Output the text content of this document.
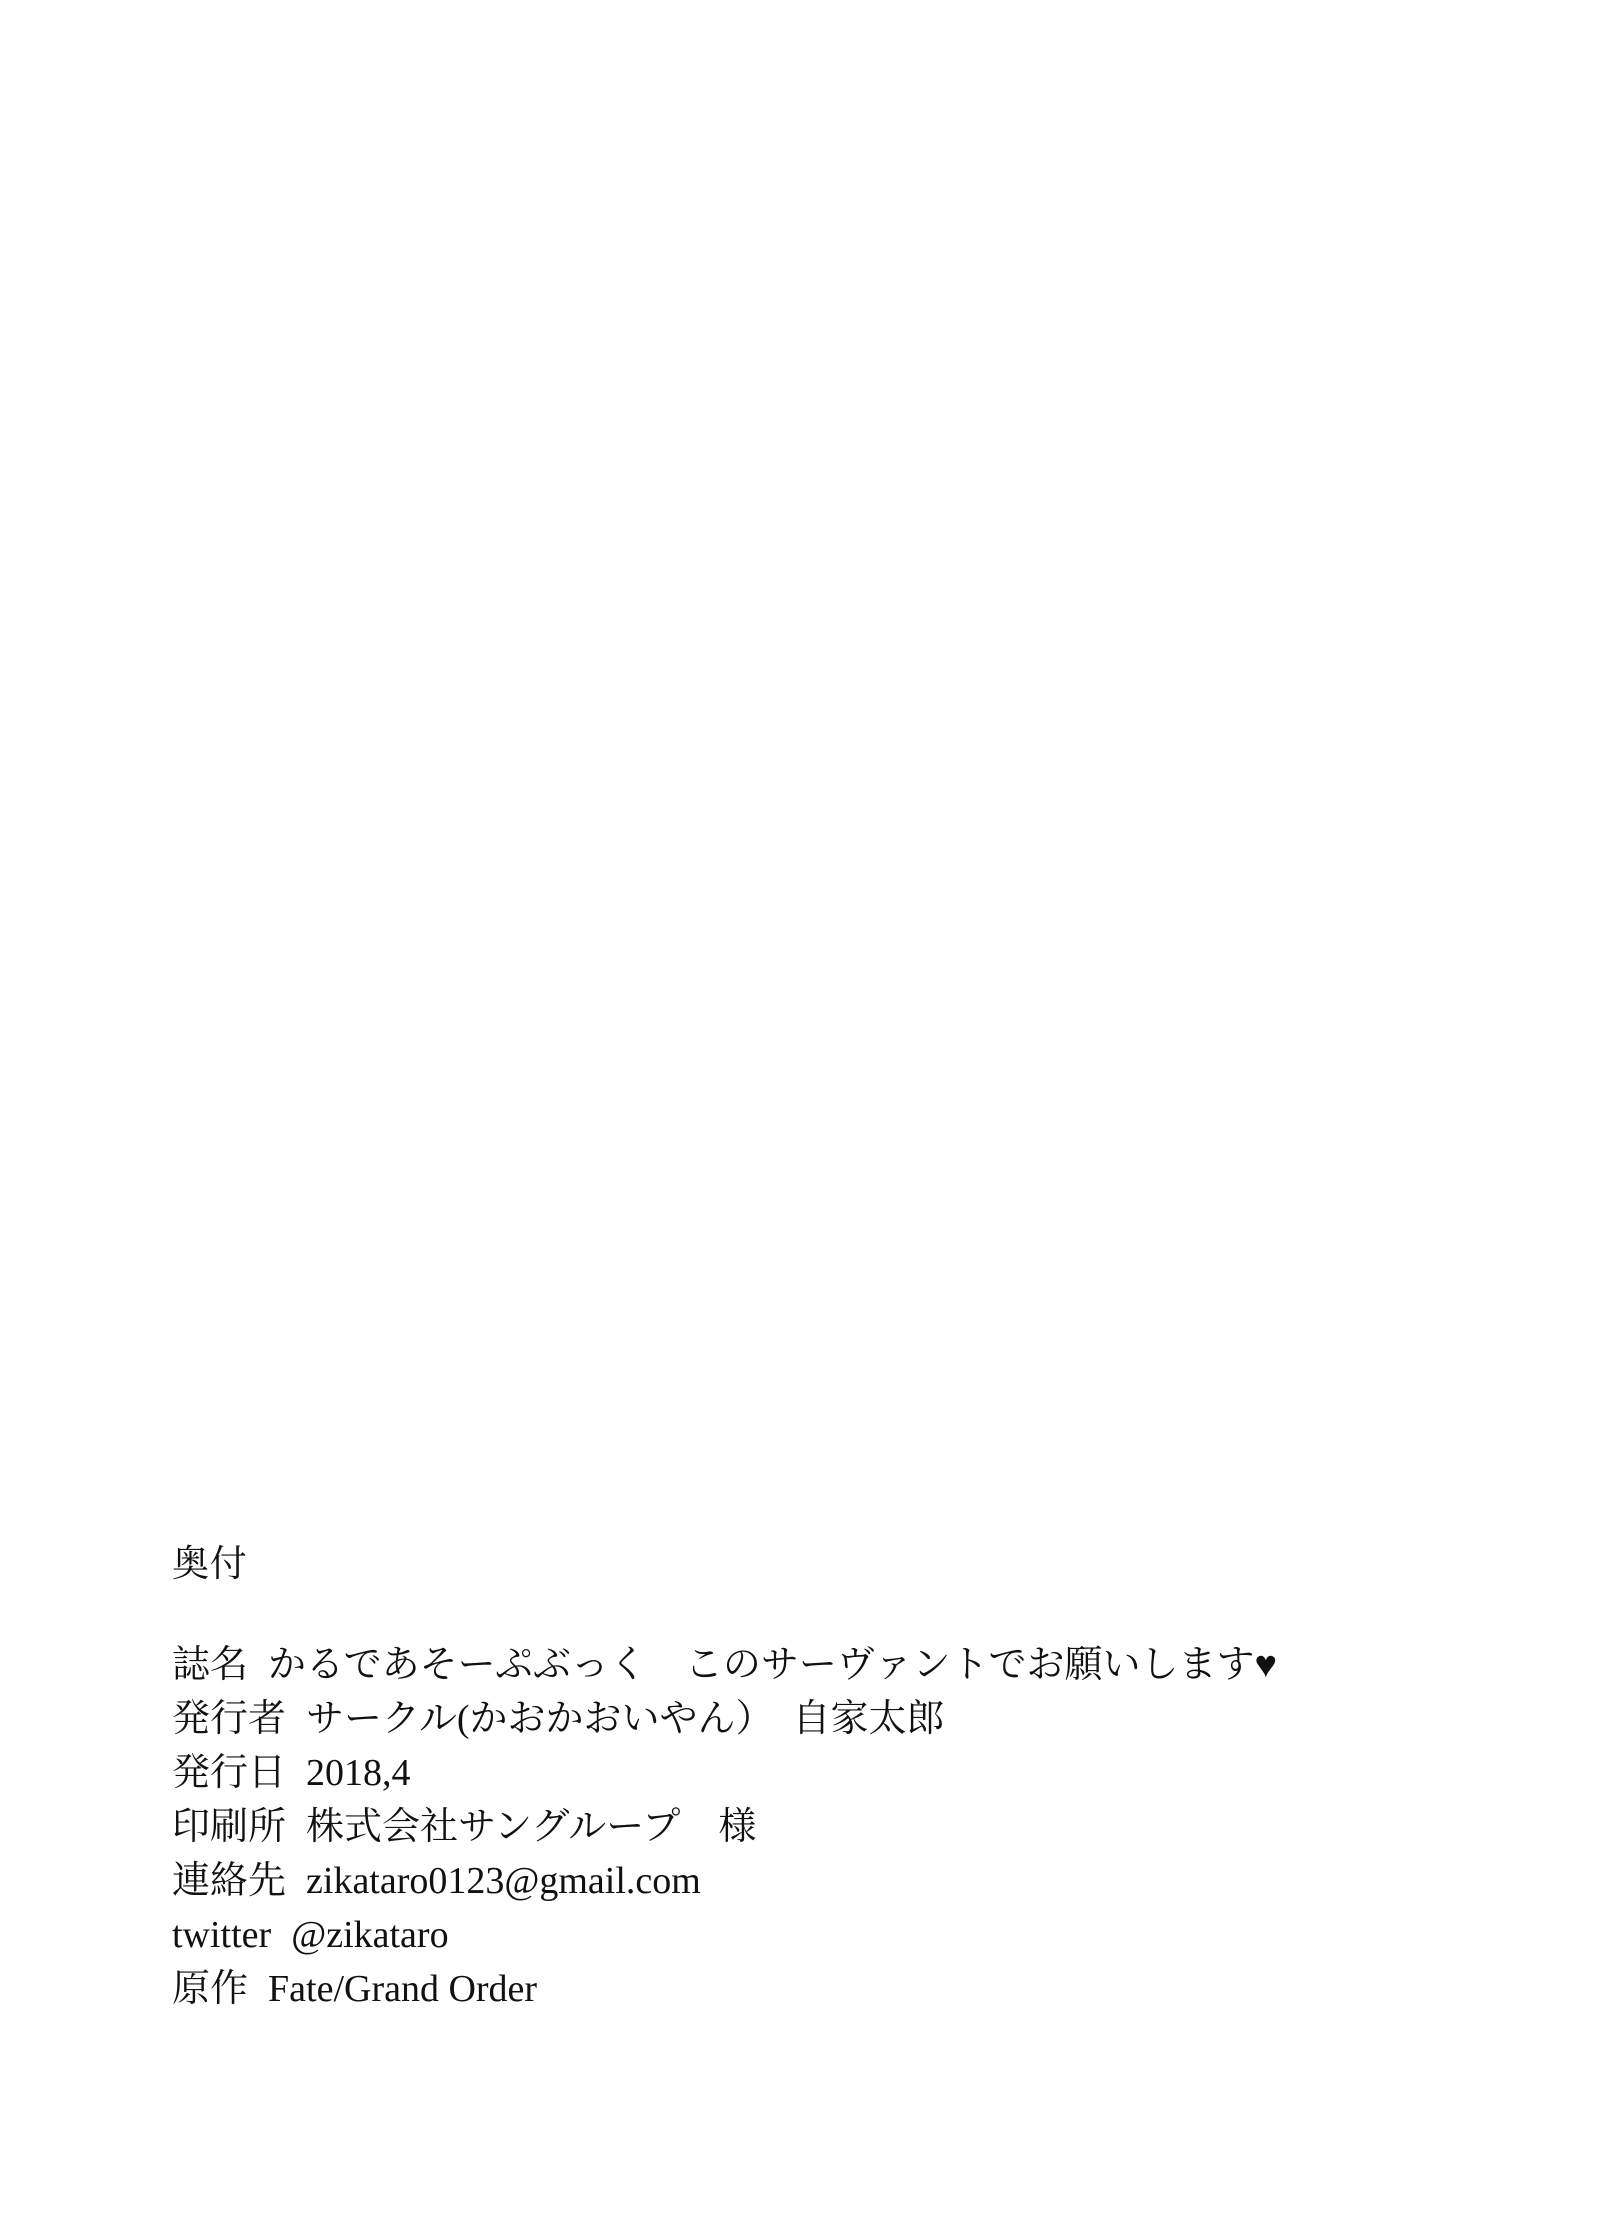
奥付
誌名 かるであそーぷぶっく　このサーヴァントでお願いします♥
発行者 サークル(かおかおいやん）　自家太郎
発行日 2018,4
印刷所 株式会社サングループ　様
連絡先 zikataro0123@gmail.com
twitter @zikataro
原作 Fate/Grand Order
